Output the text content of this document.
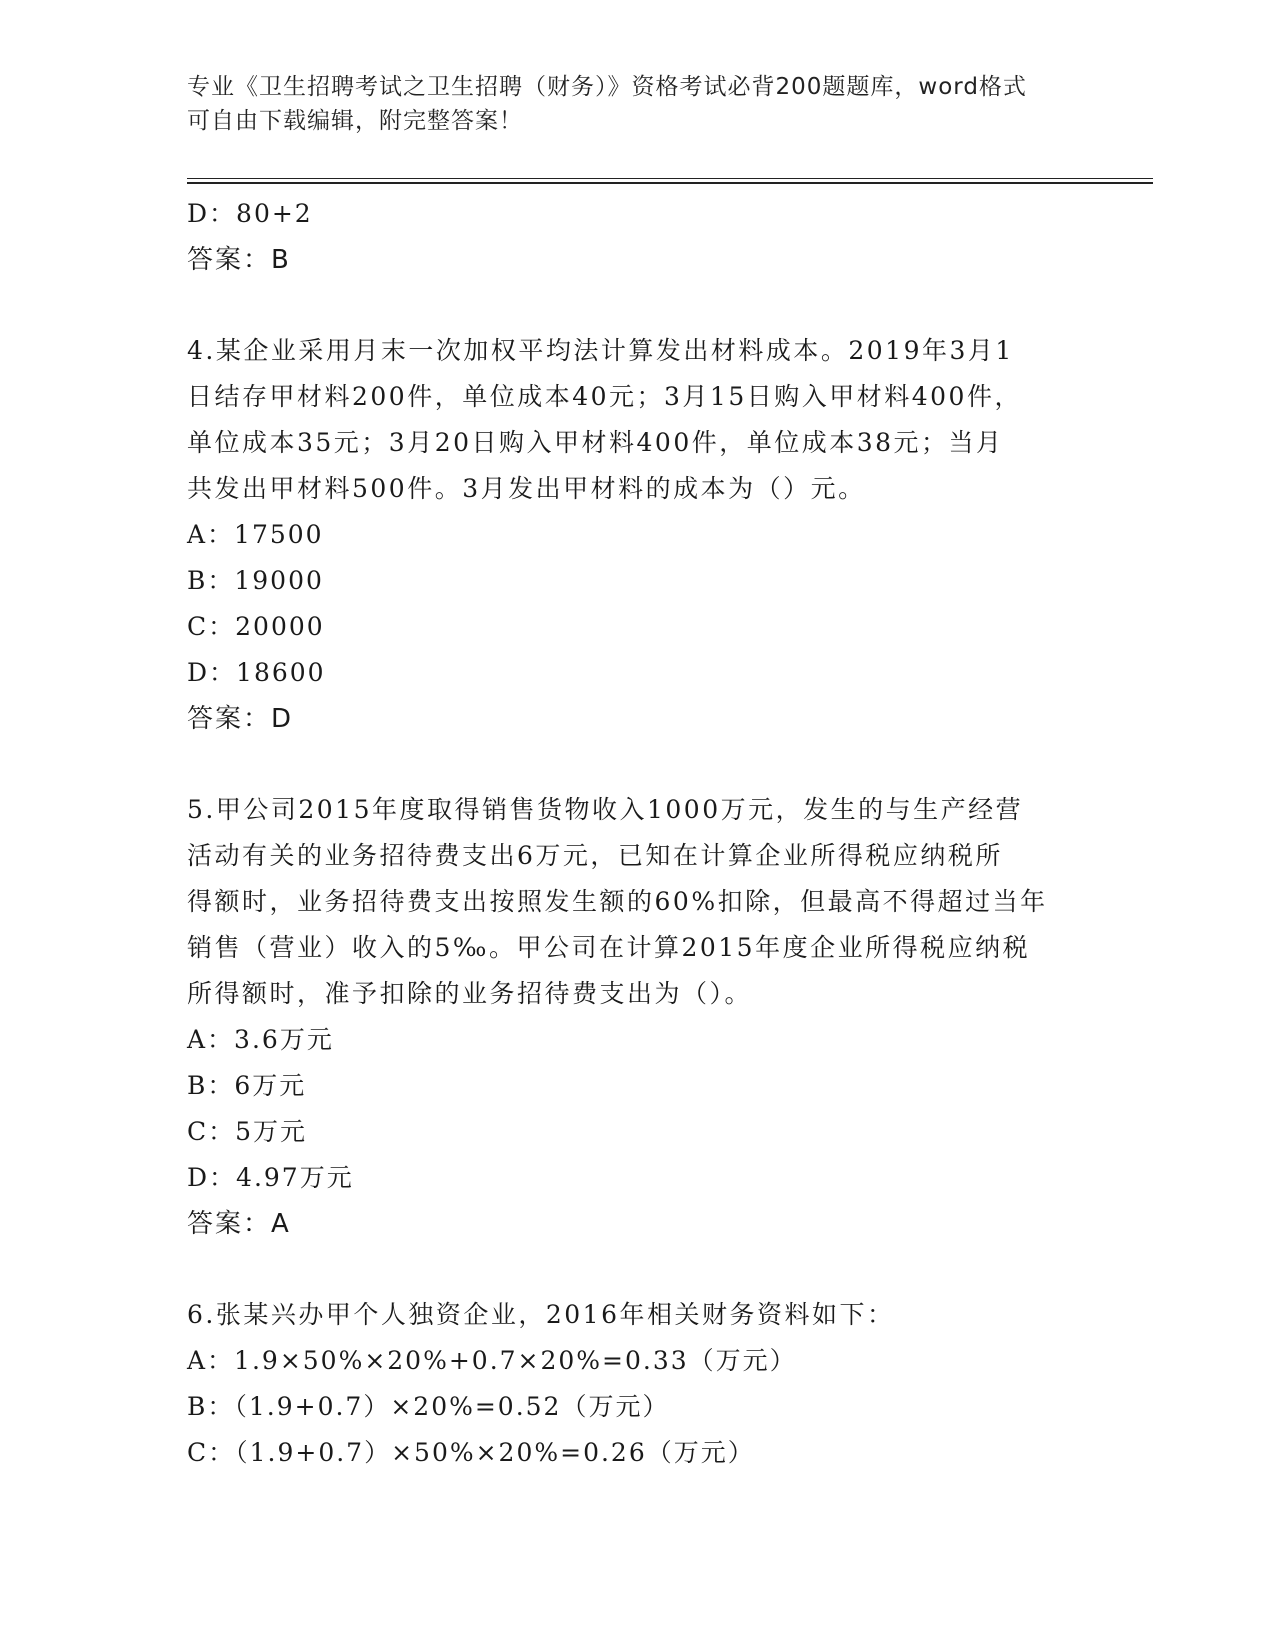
专业《卫生招聘考试之卫生招聘（财务）》资格考试必背200题题库，word格式
可自由下载编辑，附完整答案！
D：80+2
答案：B
4.某企业采用月末一次加权平均法计算发出材料成本。2019年3月1
日结存甲材料200件，单位成本40元；3月15日购入甲材料400件，
单位成本35元；3月20日购入甲材料400件，单位成本38元；当月
共发出甲材料500件。3月发出甲材料的成本为（）元。
A：17500
B：19000
C：20000
D：18600
答案：D
5.甲公司2015年度取得销售货物收入1000万元，发生的与生产经营
活动有关的业务招待费支出6万元，已知在计算企业所得税应纳税所
得额时，业务招待费支出按照发生额的60%扣除，但最高不得超过当年
销售（营业）收入的5‰。甲公司在计算2015年度企业所得税应纳税
所得额时，准予扣除的业务招待费支出为（）。
A：3.6万元
B：6万元
C：5万元
D：4.97万元
答案：A
6.张某兴办甲个人独资企业，2016年相关财务资料如下：
A：1.9×50%×20%+0.7×20%=0.33（万元）
B：（1.9+0.7）×20%=0.52（万元）
C：（1.9+0.7）×50%×20%=0.26（万元）
